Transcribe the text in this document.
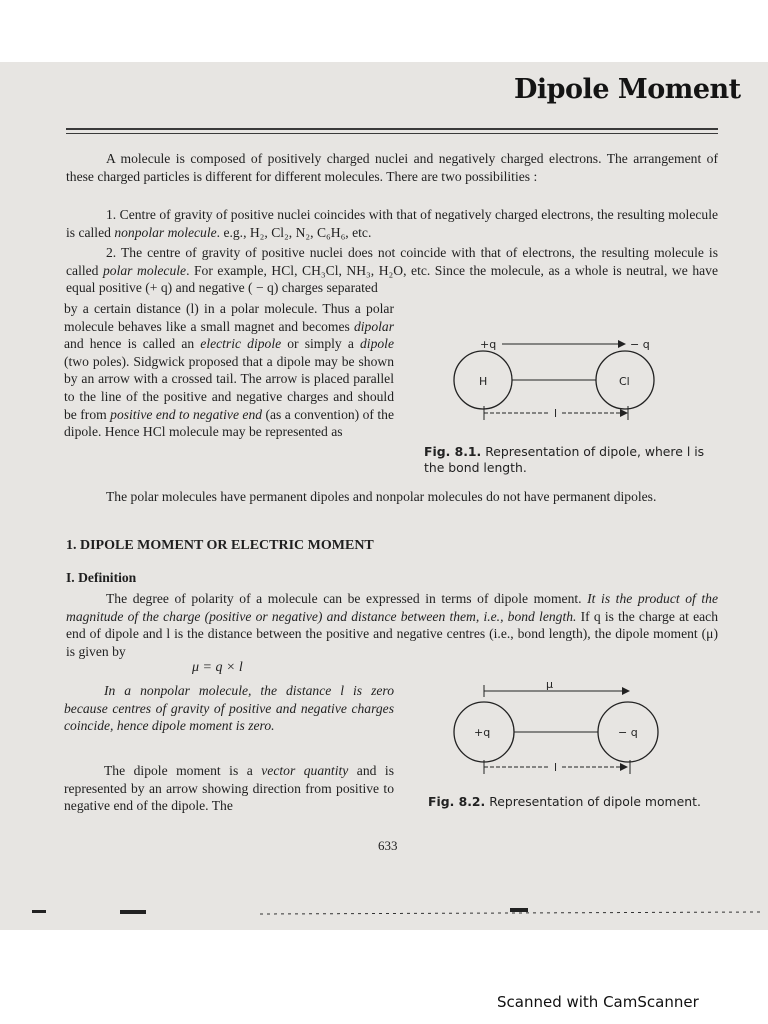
Dipole Moment
A molecule is composed of positively charged nuclei and negatively charged electrons. The arrangement of these charged particles is different for different molecules. There are two possibilities :
1. Centre of gravity of positive nuclei coincides with that of negatively charged electrons, the resulting molecule is called nonpolar molecule. e.g., H₂, Cl₂, N₂, C₆H₆, etc.
2. The centre of gravity of positive nuclei does not coincide with that of electrons, the resulting molecule is called polar molecule. For example, HCl, CH₃Cl, NH₃, H₂O, etc. Since the molecule, as a whole is neutral, we have equal positive (+ q) and negative ( − q) charges separated
by a certain distance (l) in a polar molecule. Thus a polar molecule behaves like a small magnet and becomes dipolar and hence is called an electric dipole or simply a dipole (two poles). Sidgwick proposed that a dipole may be shown by an arrow with a crossed tail. The arrow is placed parallel to the line of the positive and negative charges and should be from positive end to negative end (as a convention) of the dipole. Hence HCl molecule may be represented as
+q	− q
H	Cl
l
Fig. 8.1. Representation of dipole, where l is the bond length.
The polar molecules have permanent dipoles and nonpolar molecules do not have permanent dipoles.
1. DIPOLE MOMENT OR ELECTRIC MOMENT
I. Definition
The degree of polarity of a molecule can be expressed in terms of dipole moment. It is the product of the magnitude of the charge (positive or negative) and distance between them, i.e., bond length. If q is the charge at each end of dipole and l is the distance between the positive and negative centres (i.e., bond length), the dipole moment (μ) is given by
μ = q × l
In a nonpolar molecule, the distance l is zero because centres of gravity of positive and negative charges coincide, hence dipole moment is zero.
The dipole moment is a vector quantity and is represented by an arrow showing direction from positive to negative end of the dipole. The
μ
+q	− q
l
Fig. 8.2. Representation of dipole moment.
633
Scanned with CamScanner
